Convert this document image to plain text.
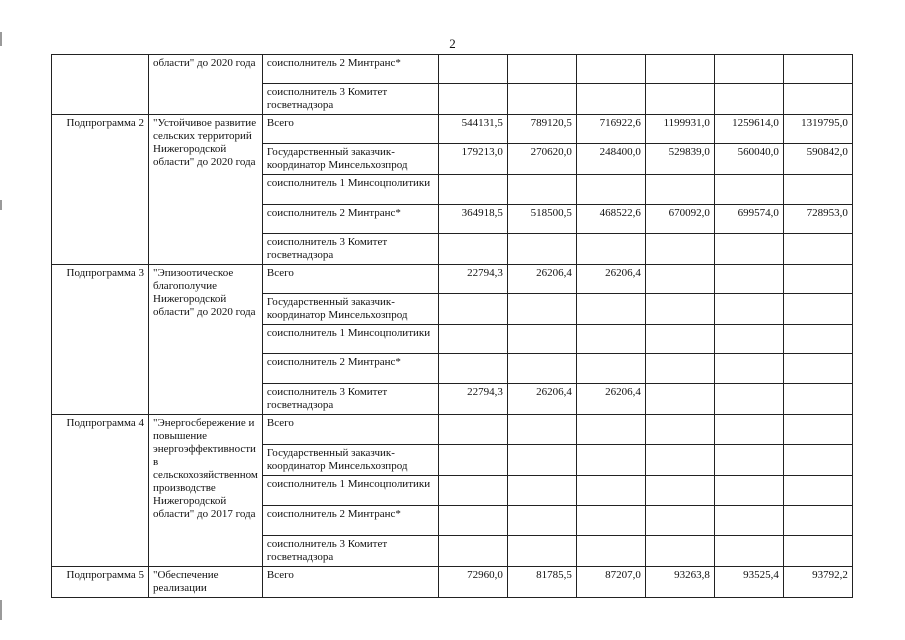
2
	области" до 2020 года	соисполнитель 2 Минтранс*						
		соисполнитель 3 Комитет госветнадзора						
Подпрограмма 2	"Устойчивое развитие сельских территорий Нижегородской области" до 2020 года	Всего	544131,5	789120,5	716922,6	1199931,0	1259614,0	1319795,0
		Государственный заказчик-координатор Минсельхозпрод	179213,0	270620,0	248400,0	529839,0	560040,0	590842,0
		соисполнитель 1 Минсоцполитики						
		соисполнитель 2 Минтранс*	364918,5	518500,5	468522,6	670092,0	699574,0	728953,0
		соисполнитель 3 Комитет госветнадзора						
Подпрограмма 3	"Эпизоотическое благополучие Нижегородской области" до 2020 года	Всего	22794,3	26206,4	26206,4			
		Государственный заказчик-координатор Минсельхозпрод						
		соисполнитель 1 Минсоцполитики						
		соисполнитель 2 Минтранс*						
		соисполнитель 3 Комитет госветнадзора	22794,3	26206,4	26206,4			
Подпрограмма 4	"Энергосбережение и повышение энергоэффективности в сельскохозяйственном производстве Нижегородской области" до 2017 года	Всего						
		Государственный заказчик-координатор Минсельхозпрод						
		соисполнитель 1 Минсоцполитики						
		соисполнитель 2 Минтранс*						
		соисполнитель 3 Комитет госветнадзора						
Подпрограмма 5	"Обеспечение реализации	Всего	72960,0	81785,5	87207,0	93263,8	93525,4	93792,2
